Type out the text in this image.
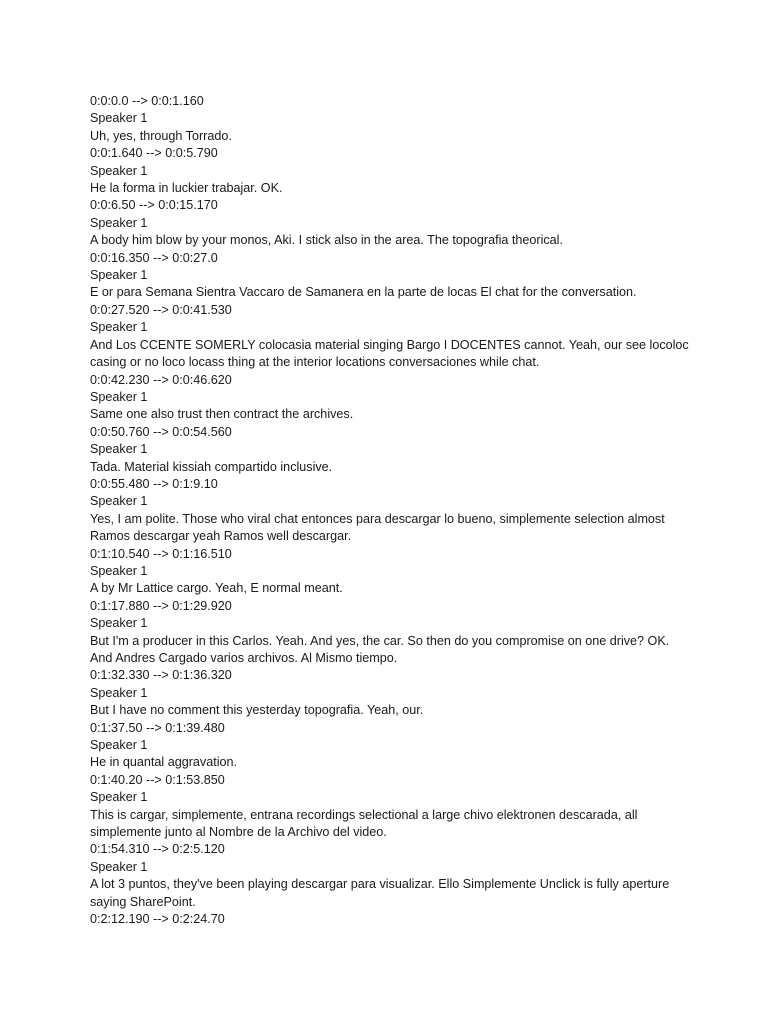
0:0:0.0 --> 0:0:1.160
Speaker 1
Uh, yes, through Torrado.
0:0:1.640 --> 0:0:5.790
Speaker 1
He la forma in luckier trabajar. OK.
0:0:6.50 --> 0:0:15.170
Speaker 1
A body him blow by your monos, Aki. I stick also in the area. The topografia theorical.
0:0:16.350 --> 0:0:27.0
Speaker 1
E or para Semana Sientra Vaccaro de Samanera en la parte de locas El chat for the conversation.
0:0:27.520 --> 0:0:41.530
Speaker 1
And Los CCENTE SOMERLY colocasia material singing Bargo I DOCENTES cannot. Yeah, our see locoloc casing or no loco locass thing at the interior locations conversaciones while chat.
0:0:42.230 --> 0:0:46.620
Speaker 1
Same one also trust then contract the archives.
0:0:50.760 --> 0:0:54.560
Speaker 1
Tada. Material kissiah compartido inclusive.
0:0:55.480 --> 0:1:9.10
Speaker 1
Yes, I am polite. Those who viral chat entonces para descargar lo bueno, simplemente selection almost Ramos descargar yeah Ramos well descargar.
0:1:10.540 --> 0:1:16.510
Speaker 1
A by Mr Lattice cargo. Yeah, E normal meant.
0:1:17.880 --> 0:1:29.920
Speaker 1
But I'm a producer in this Carlos. Yeah. And yes, the car. So then do you compromise on one drive? OK. And Andres Cargado varios archivos. Al Mismo tiempo.
0:1:32.330 --> 0:1:36.320
Speaker 1
But I have no comment this yesterday topografia. Yeah, our.
0:1:37.50 --> 0:1:39.480
Speaker 1
He in quantal aggravation.
0:1:40.20 --> 0:1:53.850
Speaker 1
This is cargar, simplemente, entrana recordings selectional a large chivo elektronen descarada, all simplemente junto al Nombre de la Archivo del video.
0:1:54.310 --> 0:2:5.120
Speaker 1
A lot 3 puntos, they've been playing descargar para visualizar. Ello Simplemente Unclick is fully aperture saying SharePoint.
0:2:12.190 --> 0:2:24.70
